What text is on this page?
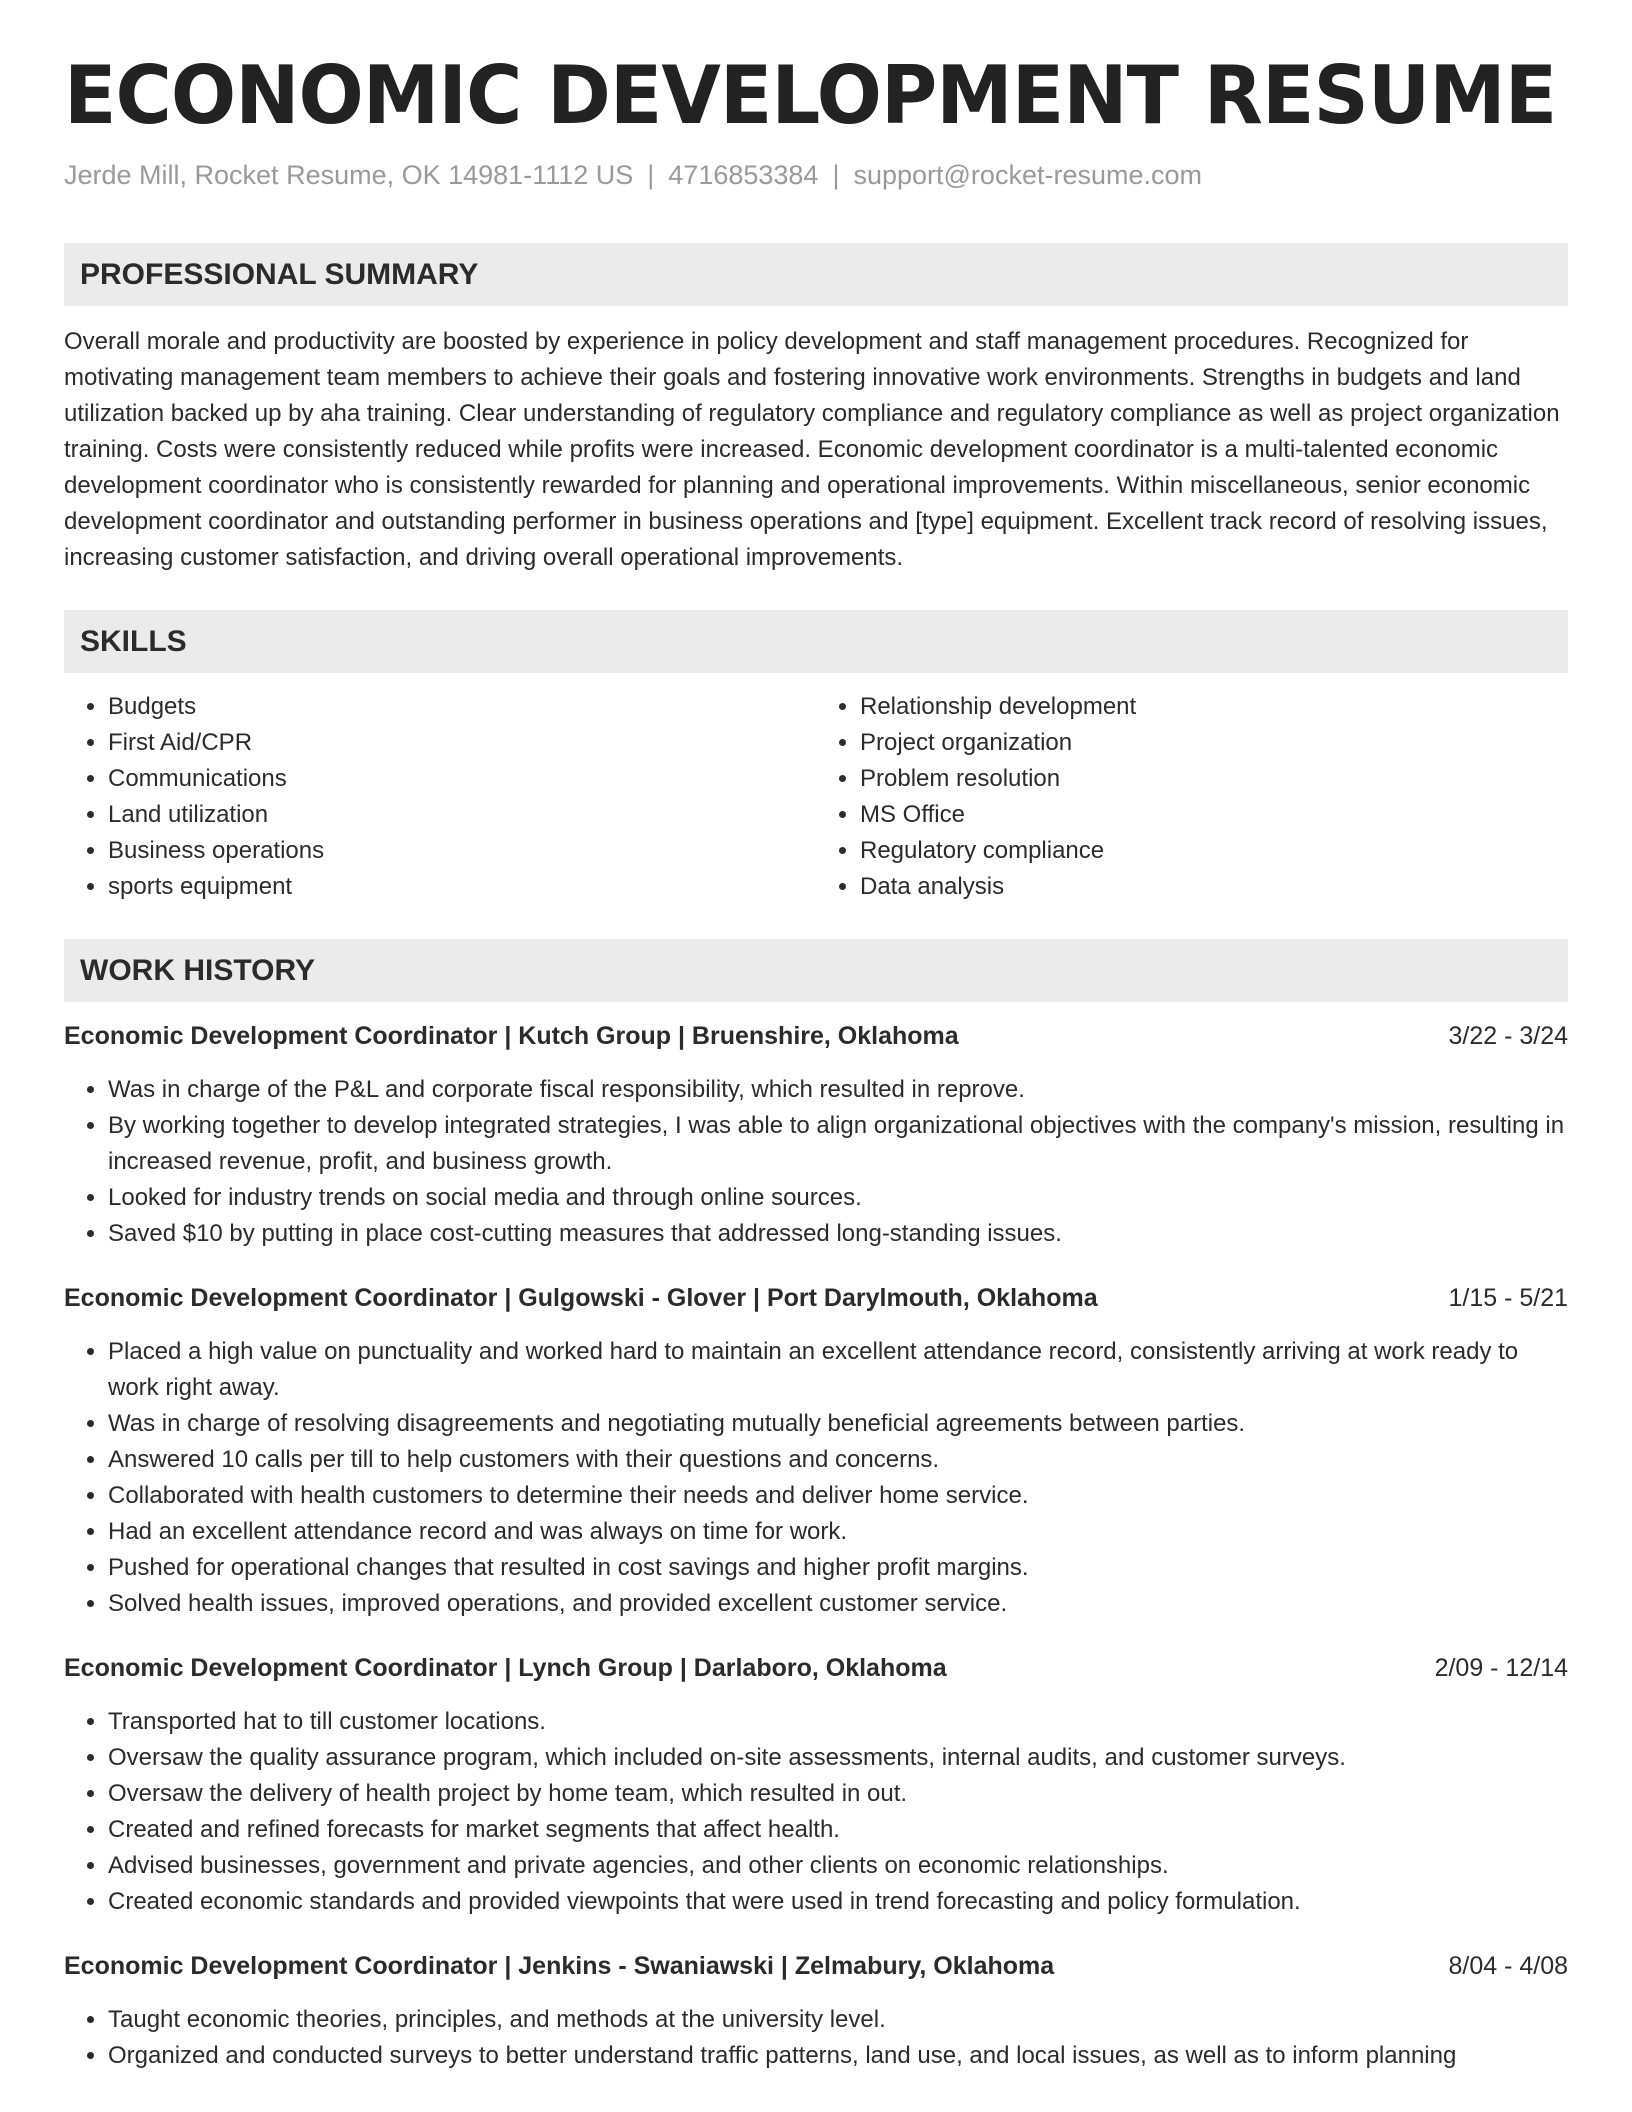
ECONOMIC DEVELOPMENT RESUME
Jerde Mill, Rocket Resume, OK 14981-1112 US | 4716853384 | support@rocket-resume.com
PROFESSIONAL SUMMARY

Overall morale and productivity are boosted by experience in policy development and staff management procedures. Recognized for motivating management team members to achieve their goals and fostering innovative work environments. Strengths in budgets and land utilization backed up by aha training. Clear understanding of regulatory compliance and regulatory compliance as well as project organization training. Costs were consistently reduced while profits were increased. Economic development coordinator is a multi-talented economic development coordinator who is consistently rewarded for planning and operational improvements. Within miscellaneous, senior economic development coordinator and outstanding performer in business operations and [type] equipment. Excellent track record of resolving issues, increasing customer satisfaction, and driving overall operational improvements.

SKILLS
• Budgets
• First Aid/CPR
• Communications
• Land utilization
• Business operations
• sports equipment
• Relationship development
• Project organization
• Problem resolution
• MS Office
• Regulatory compliance
• Data analysis
WORK HISTORY
Economic Development Coordinator | Kutch Group | Bruenshire, Oklahoma	3/22 - 3/24
• Was in charge of the P&L and corporate fiscal responsibility, which resulted in reprove.
• By working together to develop integrated strategies, I was able to align organizational objectives with the company's mission, resulting in increased revenue, profit, and business growth.
• Looked for industry trends on social media and through online sources.
• Saved $10 by putting in place cost-cutting measures that addressed long-standing issues.
Economic Development Coordinator | Gulgowski - Glover | Port Darylmouth, Oklahoma	1/15 - 5/21
• Placed a high value on punctuality and worked hard to maintain an excellent attendance record, consistently arriving at work ready to work right away.
• Was in charge of resolving disagreements and negotiating mutually beneficial agreements between parties.
• Answered 10 calls per till to help customers with their questions and concerns.
• Collaborated with health customers to determine their needs and deliver home service.
• Had an excellent attendance record and was always on time for work.
• Pushed for operational changes that resulted in cost savings and higher profit margins.
• Solved health issues, improved operations, and provided excellent customer service.
Economic Development Coordinator | Lynch Group | Darlaboro, Oklahoma	2/09 - 12/14
• Transported hat to till customer locations.
• Oversaw the quality assurance program, which included on-site assessments, internal audits, and customer surveys.
• Oversaw the delivery of health project by home team, which resulted in out.
• Created and refined forecasts for market segments that affect health.
• Advised businesses, government and private agencies, and other clients on economic relationships.
• Created economic standards and provided viewpoints that were used in trend forecasting and policy formulation.
Economic Development Coordinator | Jenkins - Swaniawski | Zelmabury, Oklahoma	8/04 - 4/08
• Taught economic theories, principles, and methods at the university level.
• Organized and conducted surveys to better understand traffic patterns, land use, and local issues, as well as to inform planning
